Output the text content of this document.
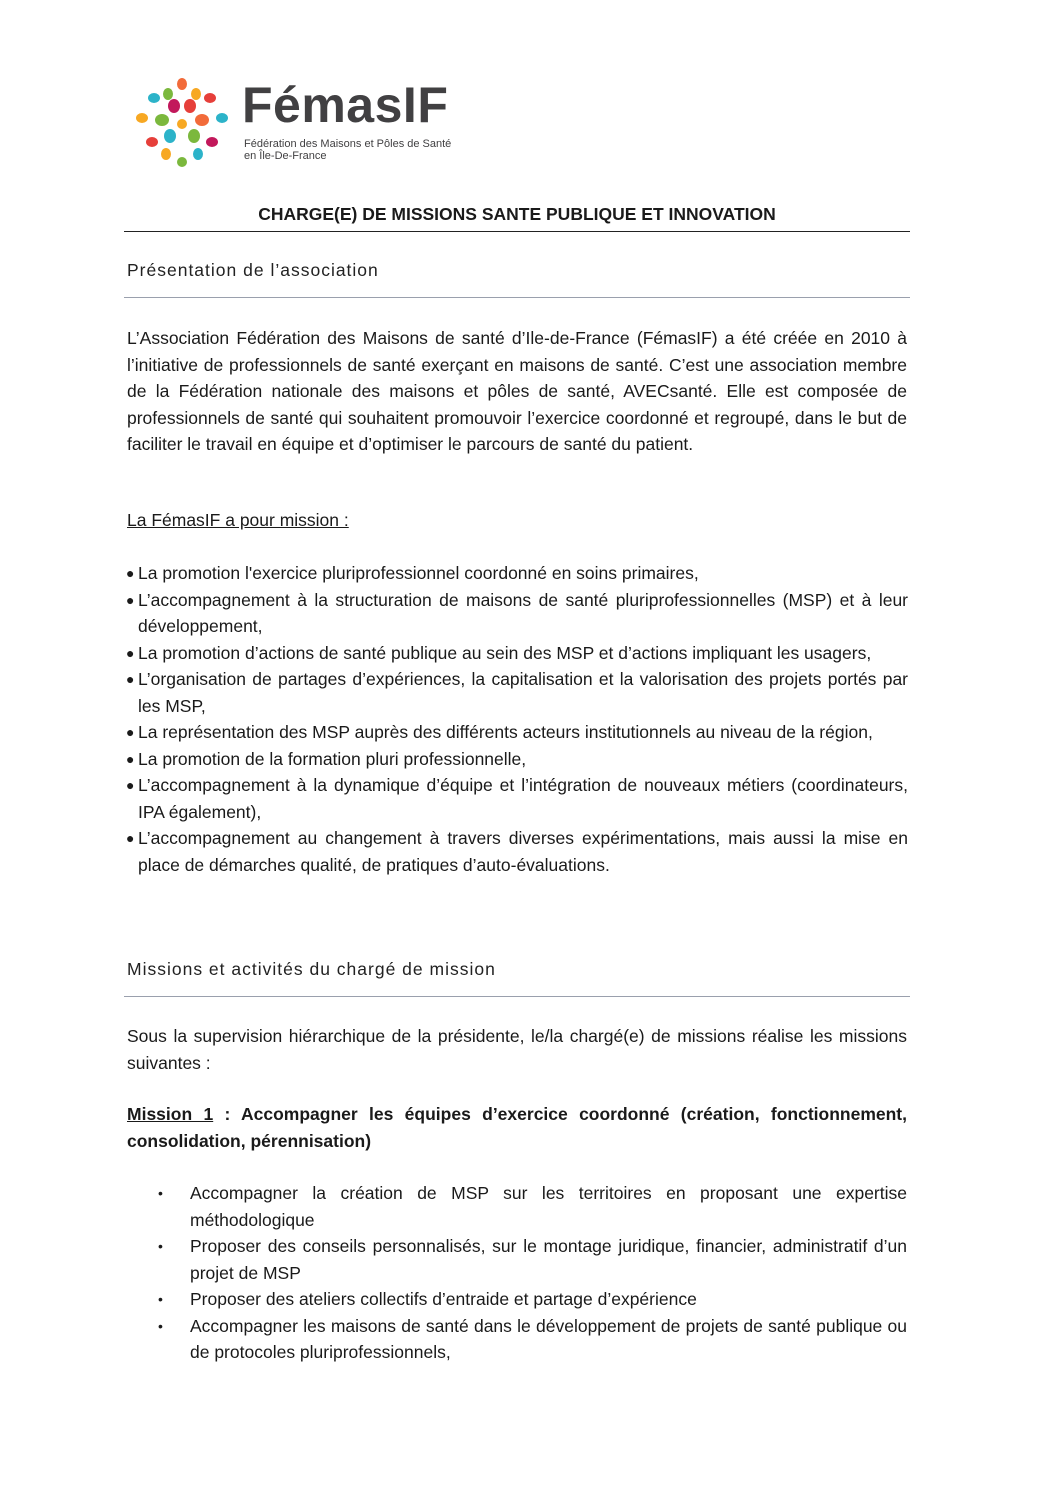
FémasIF
Fédération des Maisons et Pôles de Santé
en Île-De-France
CHARGE(E) DE MISSIONS SANTE PUBLIQUE ET INNOVATION
Présentation de l’association

L’Association Fédération des Maisons de santé d’Ile-de-France (FémasIF) a été créée en 2010 à l’initiative de professionnels de santé exerçant en maisons de santé. C’est une association membre de la Fédération nationale des maisons et pôles de santé, AVECsanté. Elle est composée de professionnels de santé qui souhaitent promouvoir l’exercice coordonné et regroupé, dans le but de faciliter le travail en équipe et d’optimiser le parcours de santé du patient.

La FémasIF a pour mission :

● La promotion l'exercice pluriprofessionnel coordonné en soins primaires,
● L’accompagnement à la structuration de maisons de santé pluriprofessionnelles (MSP) et à leur développement,
● La promotion d’actions de santé publique au sein des MSP et d’actions impliquant les usagers,
● L’organisation de partages d’expériences, la capitalisation et la valorisation des projets portés par les MSP,
● La représentation des MSP auprès des différents acteurs institutionnels au niveau de la région,
● La promotion de la formation pluri professionnelle,
● L’accompagnement à la dynamique d’équipe et l’intégration de nouveaux métiers (coordinateurs, IPA également),
● L’accompagnement au changement à travers diverses expérimentations, mais aussi la mise en place de démarches qualité, de pratiques d’auto-évaluations.
Missions et activités du chargé de mission

Sous la supervision hiérarchique de la présidente, le/la chargé(e) de missions réalise les missions suivantes :

Mission 1 : Accompagner les équipes d’exercice coordonné (création, fonctionnement, consolidation, pérennisation)

• Accompagner la création de MSP sur les territoires en proposant une expertise méthodologique
• Proposer des conseils personnalisés, sur le montage juridique, financier, administratif d’un projet de MSP
• Proposer des ateliers collectifs d’entraide et partage d’expérience
• Accompagner les maisons de santé dans le développement de projets de santé publique ou de protocoles pluriprofessionnels,
